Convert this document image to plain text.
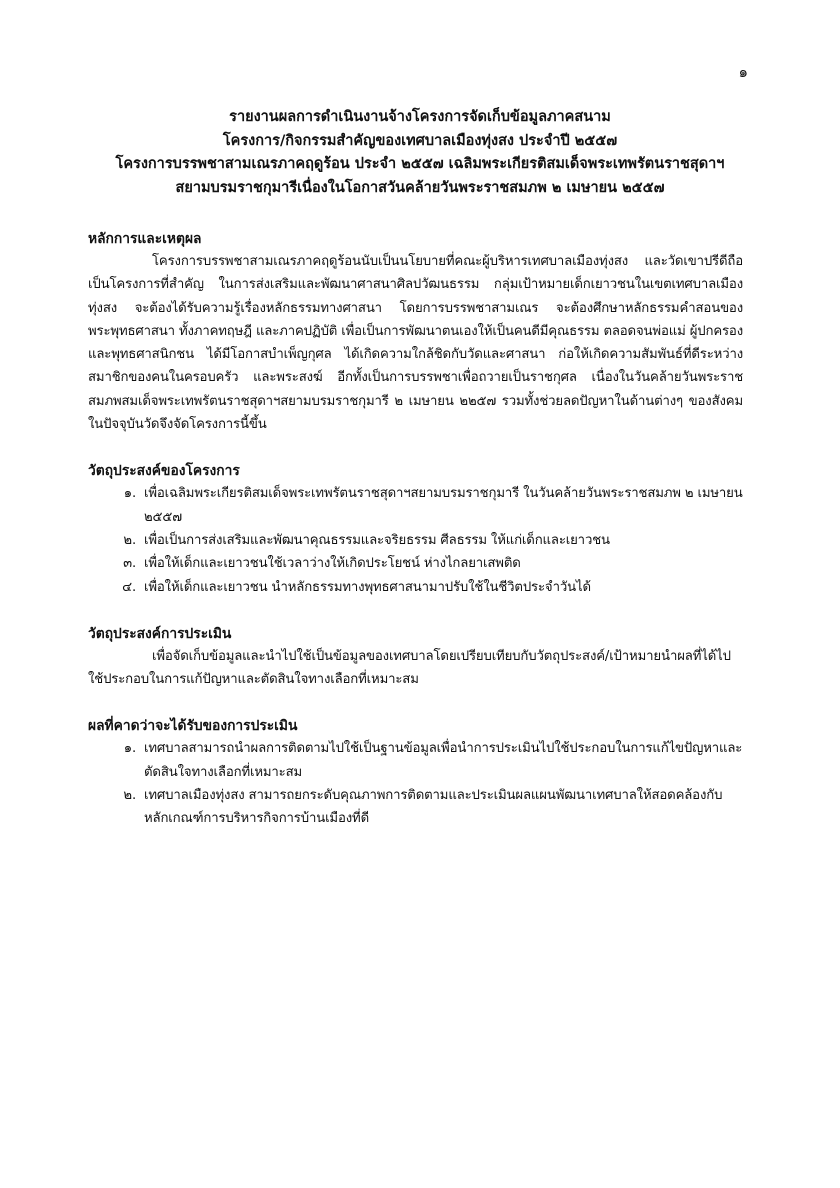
๑
รายงานผลการดำเนินงานจ้างโครงการจัดเก็บข้อมูลภาคสนาม
โครงการ/กิจกรรมสำคัญของเทศบาลเมืองทุ่งสง ประจำปี ๒๕๕๗
โครงการบรรพชาสามเณรภาคฤดูร้อน ประจำ ๒๕๕๗ เฉลิมพระเกียรติสมเด็จพระเทพรัตนราชสุดาฯ
สยามบรมราชกุมารีเนื่องในโอกาสวันคล้ายวันพระราชสมภพ ๒ เมษายน ๒๕๕๗

หลักการและเหตุผล

โครงการบรรพชาสามเณรภาคฤดูร้อนนับเป็นนโยบายที่คณะผู้บริหารเทศบาลเมืองทุ่งสง และวัดเขาปรีดีถือเป็นโครงการที่สำคัญ ในการส่งเสริมและพัฒนาศาสนาศิลปวัฒนธรรม กลุ่มเป้าหมายเด็กเยาวชนในเขตเทศบาลเมืองทุ่งสง จะต้องได้รับความรู้เรื่องหลักธรรมทางศาสนา โดยการบรรพชาสามเณร จะต้องศึกษาหลักธรรมคำสอนของพระพุทธศาสนา ทั้งภาคทฤษฎี และภาคปฏิบัติ เพื่อเป็นการพัฒนาตนเองให้เป็นคนดีมีคุณธรรม ตลอดจนพ่อแม่ ผู้ปกครอง และพุทธศาสนิกชน ได้มีโอกาสบำเพ็ญกุศล ได้เกิดความใกล้ชิดกับวัดและศาสนา ก่อให้เกิดความสัมพันธ์ที่ดีระหว่างสมาชิกของคนในครอบครัว และพระสงฆ์ อีกทั้งเป็นการบรรพชาเพื่อถวายเป็นราชกุศล เนื่องในวันคล้ายวันพระราชสมภพสมเด็จพระเทพรัตนราชสุดาฯสยามบรมราชกุมารี ๒ เมษายน ๒๒๕๗ รวมทั้งช่วยลดปัญหาในด้านต่างๆ ของสังคมในปัจจุบันวัดจึงจัดโครงการนี้ขึ้น

วัตถุประสงค์ของโครงการ

๑. เพื่อเฉลิมพระเกียรติสมเด็จพระเทพรัตนราชสุดาฯสยามบรมราชกุมารี ในวันคล้ายวันพระราชสมภพ ๒ เมษายน ๒๕๕๗
๒. เพื่อเป็นการส่งเสริมและพัฒนาคุณธรรมและจริยธรรม ศีลธรรม ให้แก่เด็กและเยาวชน
๓. เพื่อให้เด็กและเยาวชนใช้เวลาว่างให้เกิดประโยชน์ ห่างไกลยาเสพติด
๔. เพื่อให้เด็กและเยาวชน นำหลักธรรมทางพุทธศาสนามาปรับใช้ในชีวิตประจำวันได้

วัตถุประสงค์การประเมิน

เพื่อจัดเก็บข้อมูลและนำไปใช้เป็นข้อมูลของเทศบาลโดยเปรียบเทียบกับวัตถุประสงค์/เป้าหมายนำผลที่ได้ไปใช้ประกอบในการแก้ปัญหาและตัดสินใจทางเลือกที่เหมาะสม

ผลที่คาดว่าจะได้รับของการประเมิน

๑. เทศบาลสามารถนำผลการติดตามไปใช้เป็นฐานข้อมูลเพื่อนำการประเมินไปใช้ประกอบในการแก้ไขปัญหาและตัดสินใจทางเลือกที่เหมาะสม
๒. เทศบาลเมืองทุ่งสง สามารถยกระดับคุณภาพการติดตามและประเมินผลแผนพัฒนาเทศบาลให้สอดคล้องกับหลักเกณฑ์การบริหารกิจการบ้านเมืองที่ดี
